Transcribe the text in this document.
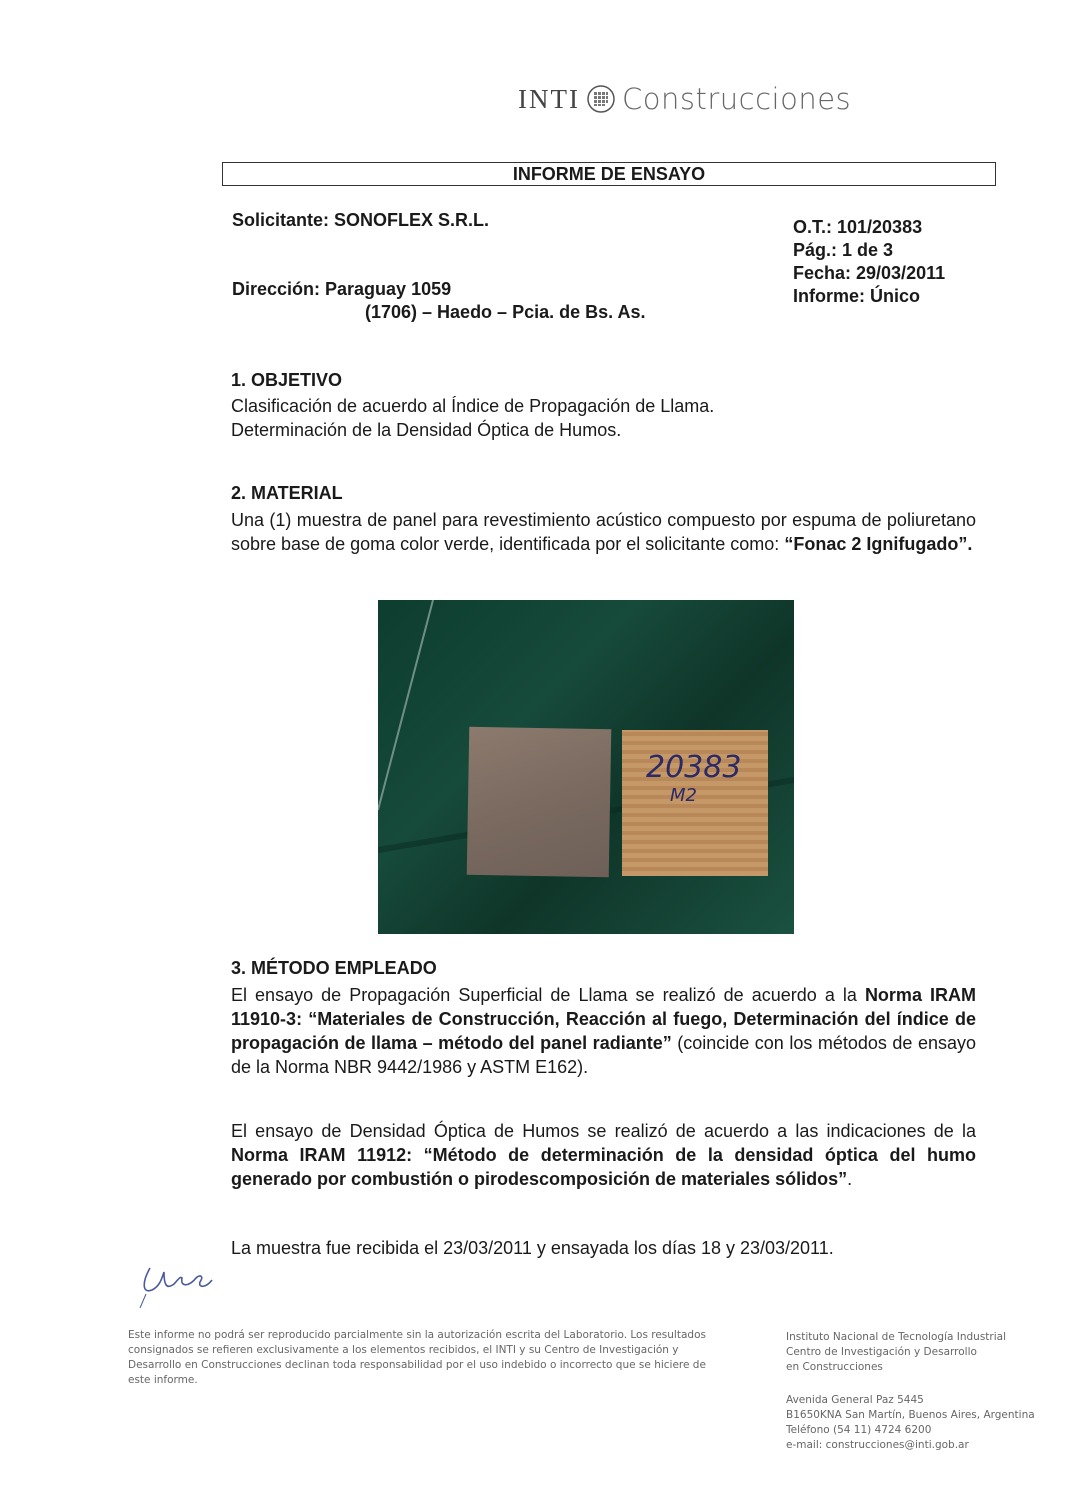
INTI Construcciones
INFORME DE ENSAYO
Solicitante: SONOFLEX S.R.L.
Dirección: Paraguay 1059
(1706) – Haedo – Pcia. de Bs. As.
O.T.: 101/20383
Pág.: 1 de 3
Fecha: 29/03/2011
Informe: Único
1. OBJETIVO
Clasificación de acuerdo al Índice de Propagación de Llama.
Determinación de la Densidad Óptica de Humos.
2. MATERIAL
Una (1) muestra de panel para revestimiento acústico compuesto por espuma de poliuretano sobre base de goma color verde, identificada por el solicitante como: “Fonac 2 Ignifugado”.
20383
M2
3. MÉTODO EMPLEADO
El ensayo de Propagación Superficial de Llama se realizó de acuerdo a la Norma IRAM 11910-3: “Materiales de Construcción, Reacción al fuego, Determinación del índice de propagación de llama – método del panel radiante” (coincide con los métodos de ensayo de la Norma NBR 9442/1986 y ASTM E162).
El ensayo de Densidad Óptica de Humos se realizó de acuerdo a las indicaciones de la Norma IRAM 11912: “Método de determinación de la densidad óptica del humo generado por combustión o pirodescomposición de materiales sólidos”.
La muestra fue recibida el 23/03/2011 y ensayada los días 18 y 23/03/2011.
Este informe no podrá ser reproducido parcialmente sin la autorización escrita del Laboratorio. Los resultados consignados se refieren exclusivamente a los elementos recibidos, el INTI y su Centro de Investigación y Desarrollo en Construcciones declinan toda responsabilidad por el uso indebido o incorrecto que se hiciere de este informe.
Instituto Nacional de Tecnología Industrial
Centro de Investigación y Desarrollo
en Construcciones
Avenida General Paz 5445
B1650KNA San Martín, Buenos Aires, Argentina
Teléfono (54 11) 4724 6200
e-mail: construcciones@inti.gob.ar
